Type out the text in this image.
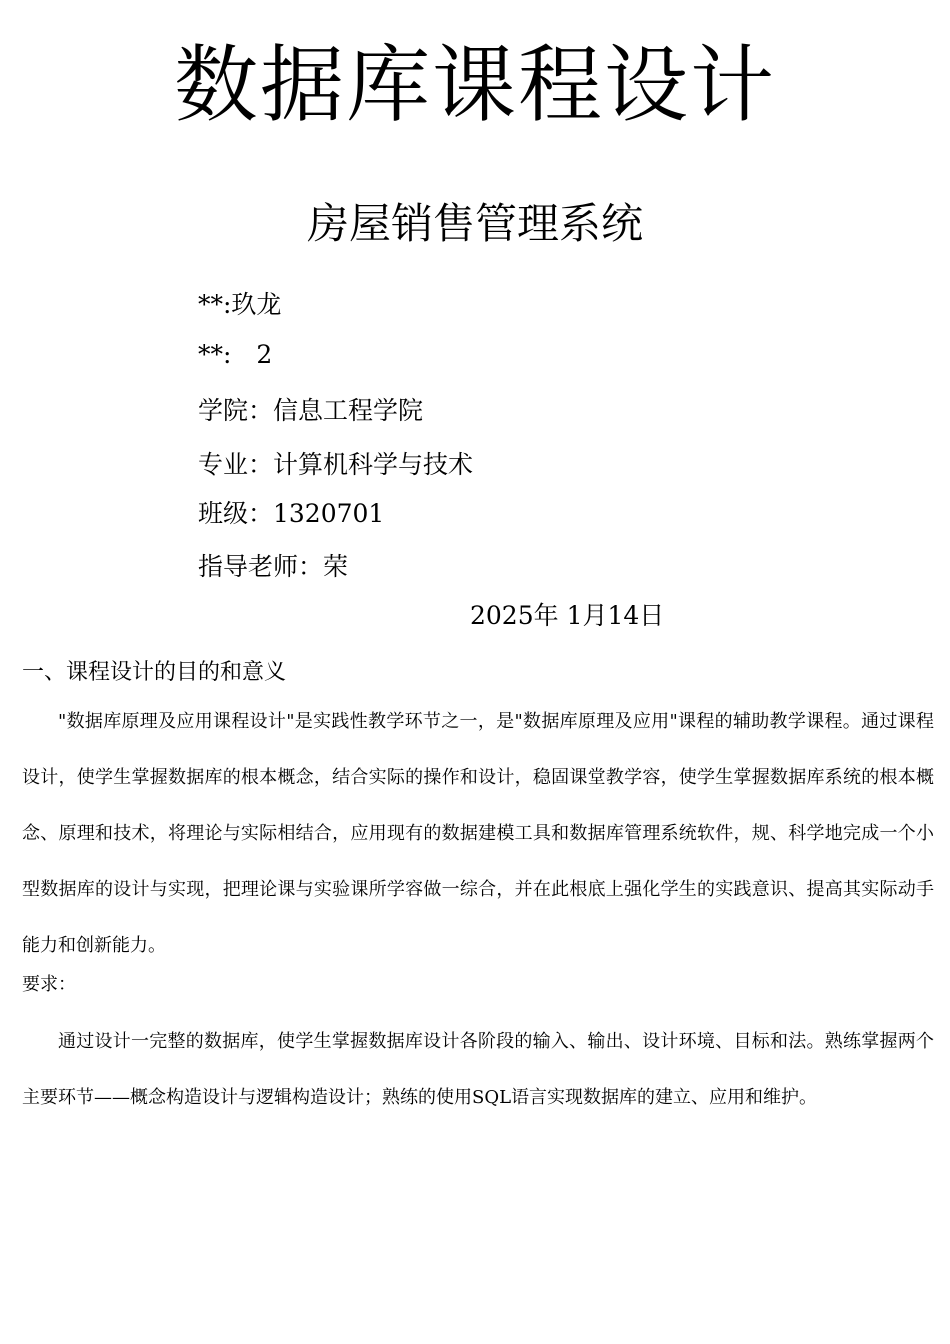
数据库课程设计
房屋销售管理系统
**:玖龙
**:　2
学院：信息工程学院
专业：计算机科学与技术
班级：1320701
指导老师：荣
2025年 1月14日
一、课程设计的目的和意义

"数据库原理及应用课程设计"是实践性教学环节之一，是"数据库原理及应用"课程的辅助教学课程。通过课程设计，使学生掌握数据库的根本概念，结合实际的操作和设计，稳固课堂教学容，使学生掌握数据库系统的根本概念、原理和技术，将理论与实际相结合，应用现有的数据建模工具和数据库管理系统软件，规、科学地完成一个小型数据库的设计与实现，把理论课与实验课所学容做一综合，并在此根底上强化学生的实践意识、提高其实际动手能力和创新能力。

要求：

通过设计一完整的数据库，使学生掌握数据库设计各阶段的输入、输出、设计环境、目标和法。熟练掌握两个主要环节——概念构造设计与逻辑构造设计；熟练的使用SQL语言实现数据库的建立、应用和维护。
